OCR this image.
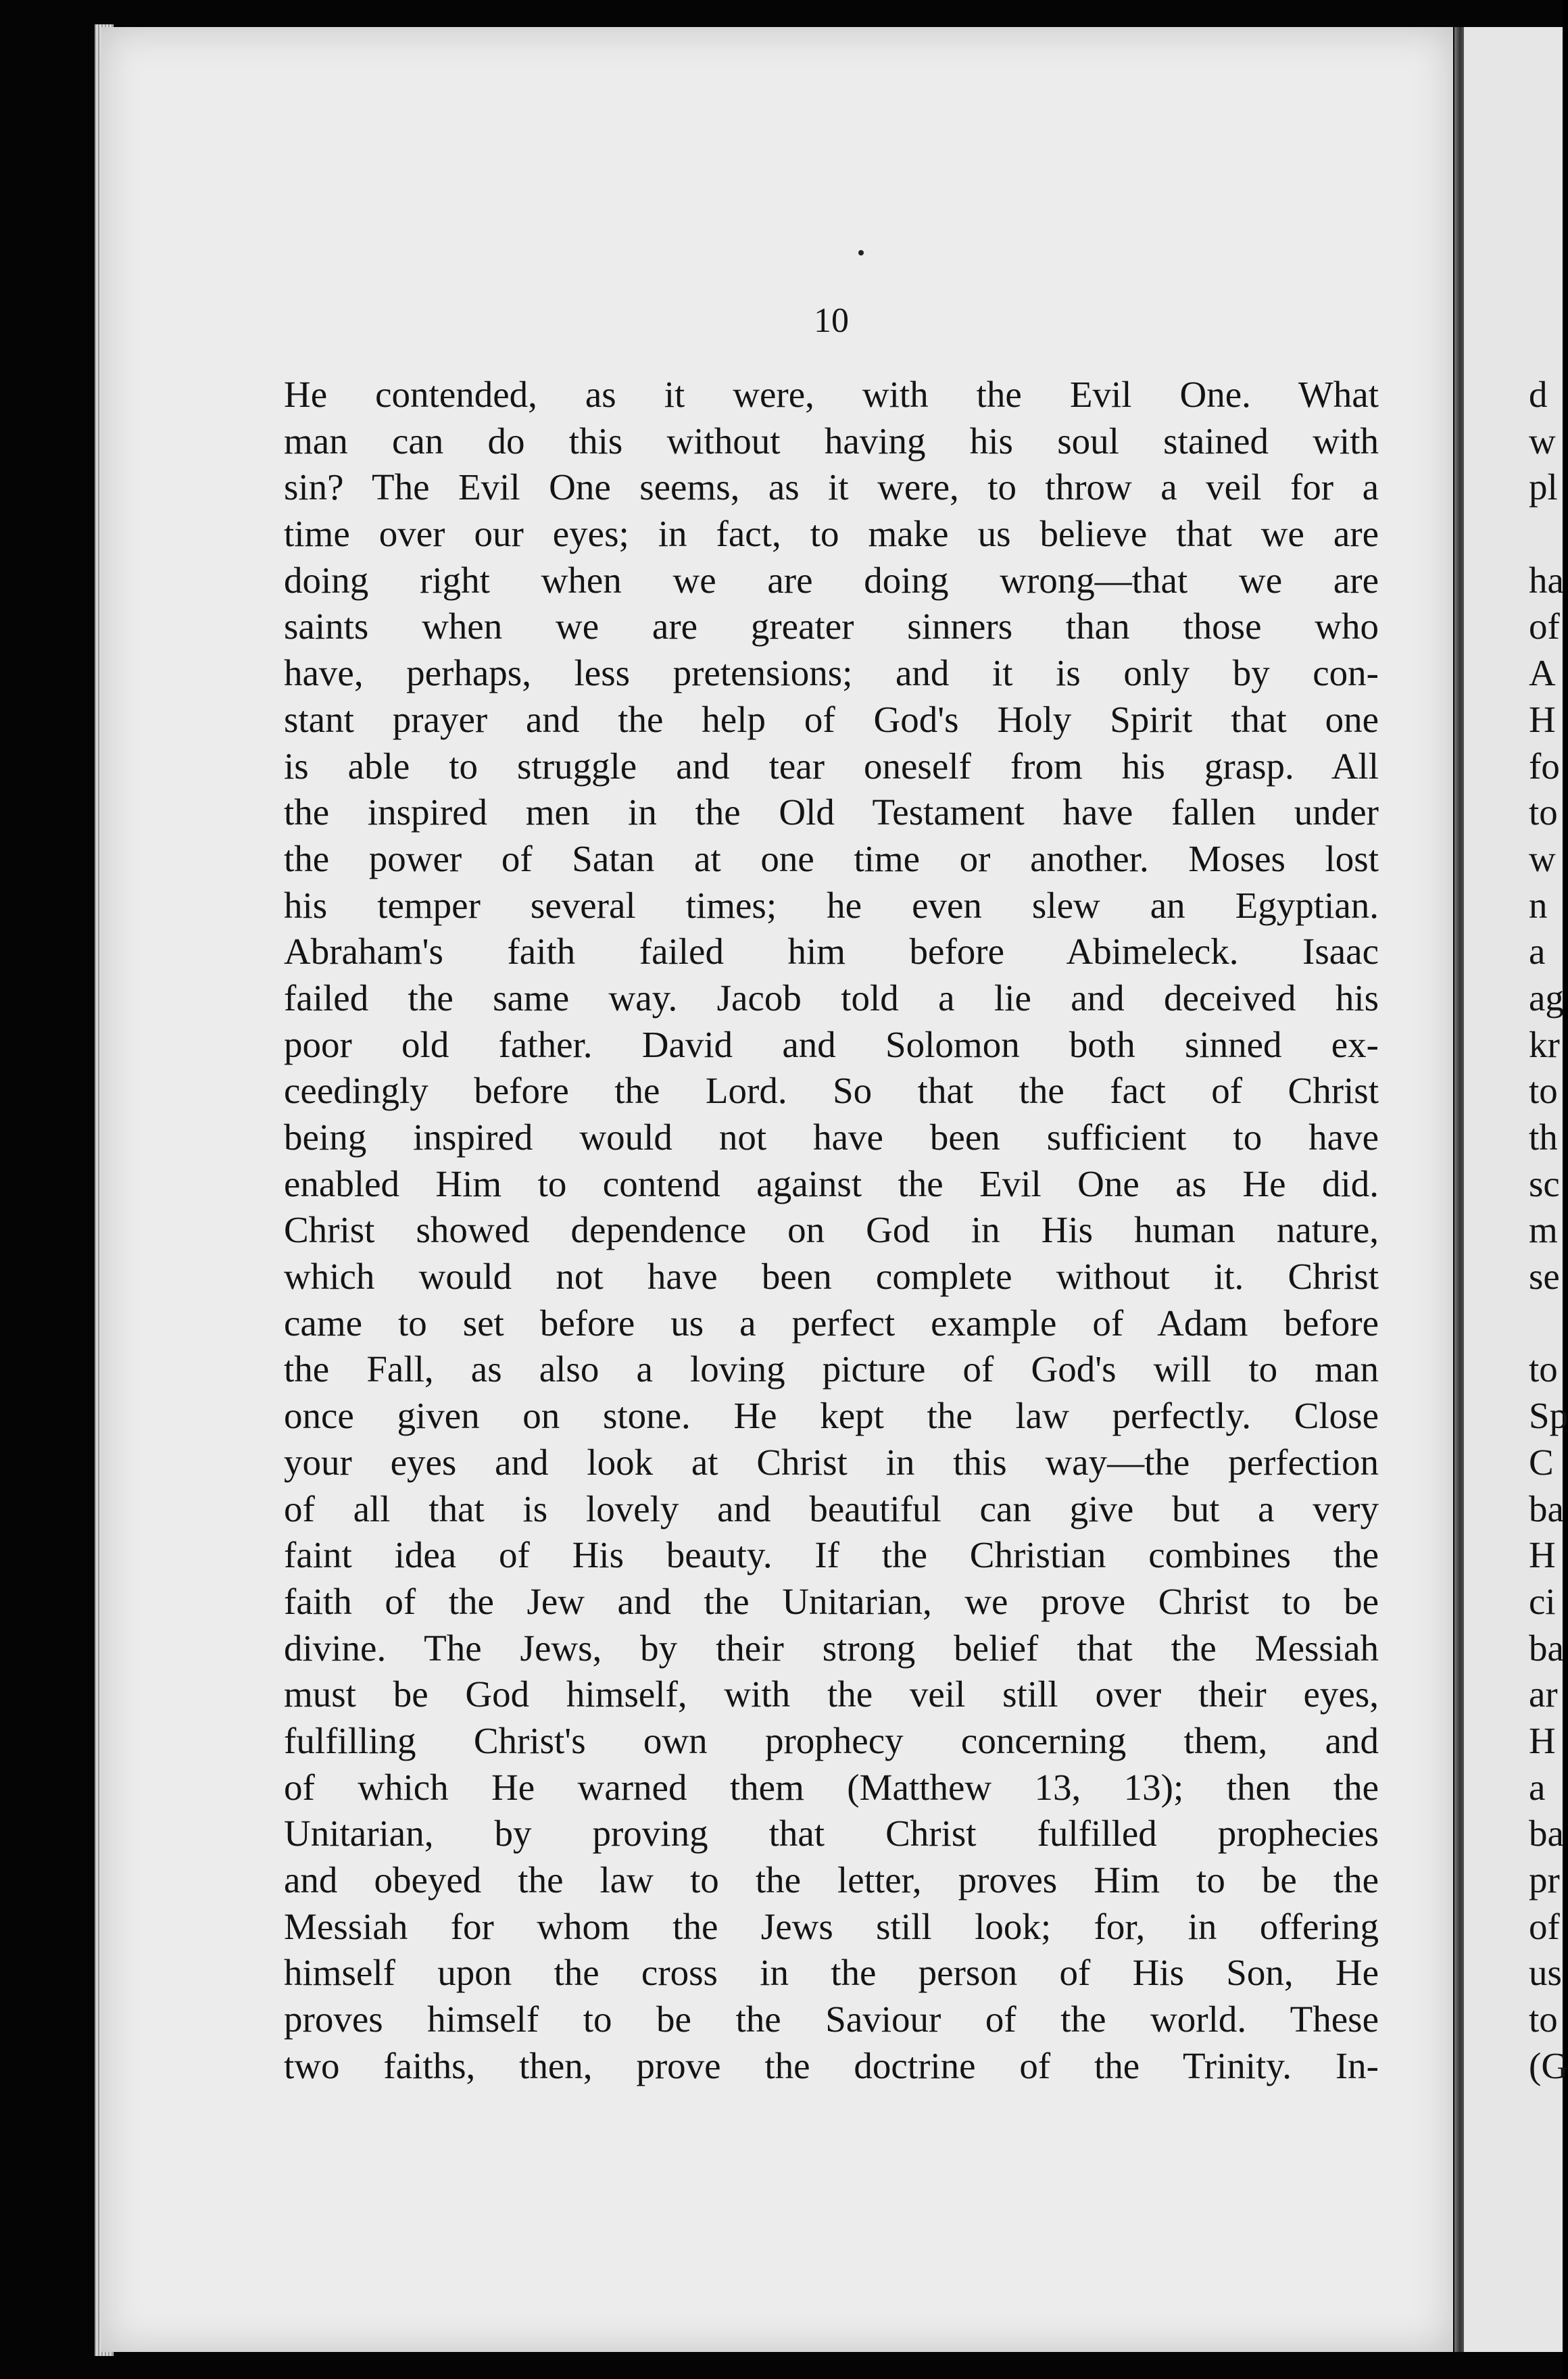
10

He contended, as it were, with the Evil One. What
man can do this without having his soul stained with
sin? The Evil One seems, as it were, to throw a veil for a
time over our eyes; in fact, to make us believe that we are
doing right when we are doing wrong—that we are
saints when we are greater sinners than those who
have, perhaps, less pretensions; and it is only by con-
stant prayer and the help of God's Holy Spirit that one
is able to struggle and tear oneself from his grasp. All
the inspired men in the Old Testament have fallen under
the power of Satan at one time or another. Moses lost
his temper several times; he even slew an Egyptian.
Abraham's faith failed him before Abimeleck. Isaac
failed the same way. Jacob told a lie and deceived his
poor old father. David and Solomon both sinned ex-
ceedingly before the Lord. So that the fact of Christ
being inspired would not have been sufficient to have
enabled Him to contend against the Evil One as He did.
Christ showed dependence on God in His human nature,
which would not have been complete without it. Christ
came to set before us a perfect example of Adam before
the Fall, as also a loving picture of God's will to man
once given on stone. He kept the law perfectly. Close
your eyes and look at Christ in this way—the perfection
of all that is lovely and beautiful can give but a very
faint idea of His beauty. If the Christian combines the
faith of the Jew and the Unitarian, we prove Christ to be
divine. The Jews, by their strong belief that the Messiah
must be God himself, with the veil still over their eyes,
fulfilling Christ's own prophecy concerning them, and
of which He warned them (Matthew 13, 13); then the
Unitarian, by proving that Christ fulfilled prophecies
and obeyed the law to the letter, proves Him to be the
Messiah for whom the Jews still look; for, in offering
himself upon the cross in the person of His Son, He
proves himself to be the Saviour of the world. These
two faiths, then, prove the doctrine of the Trinity. In-
d
w
pl
ha
of
A
H
fo
to
w
n
a
ag
kr
to
th
sc
m
se
to
Sp
C
ba
H
ci
ba
ar
H
a
ba
pr
of
us
to
(G
